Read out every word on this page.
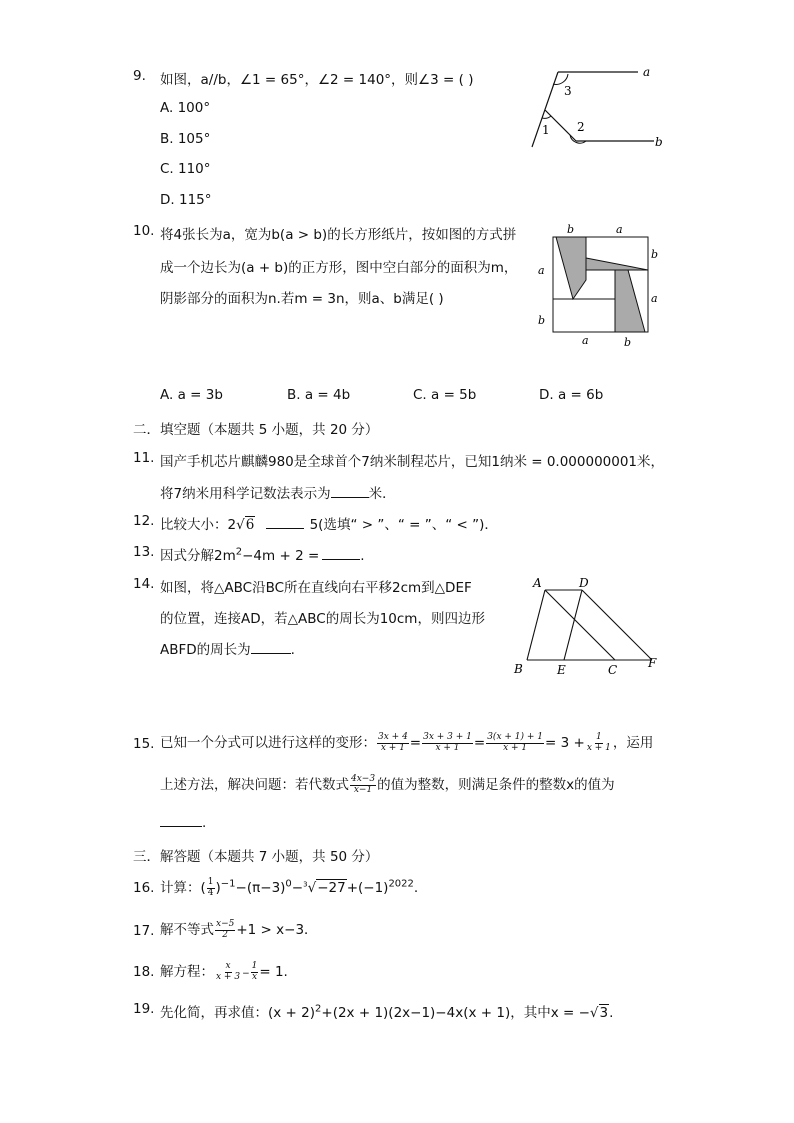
9. 如图，a//b，∠1 = 65°，∠2 = 140°，则∠3 = ( )
A. 100°
B. 105°
C. 110°
D. 115°
a
b
3
1 2
10. 将4张长为a，宽为b(a > b)的长方形纸片，按如图的方式拼
成一个边长为(a + b)的正方形，图中空白部分的面积为m，
阴影部分的面积为n.若m = 3n，则a、b满足( )
b	a
b
a
a
b
a	b
A. a = 3b	B. a = 4b	C. a = 5b	D. a = 6b
二．填空题（本题共 5 小题，共 20 分）
11. 国产手机芯片麒麟980是全球首个7纳米制程芯片，已知1纳米 = 0.000000001米，
将7纳米用科学记数法表示为	米．
12. 比较大小：2√6	5(选填“ > ”、“ = ”、“ < ”)．
13. 因式分解$2m^2-4m + 2$ =	.
14. 如图，将△ABC沿BC所在直线向右平移2cm到△DEF
的位置，连接AD，若△ABC的周长为10cm，则四边形
ABFD的周长为	.
A	D
B	E	C	F
15. 已知一个分式可以进行这样的变形： $\frac{3x + 4}{x + 1} = \frac{3x + 3 + 1}{x + 1} = \frac{3(x + 1) + 1}{x + 1} = 3 + \frac{1}{x + 1}$ ，运用
上述方法，解决问题：若代数式 $\frac{4x-3}{x-1}$ 的值为整数，则满足条件的整数x的值为
.
三．解答题（本题共 7 小题，共 50 分）
16. 计算：( $\frac{1}{4} )^{-1}-(\pi-3)^0-^3√-27+(-1)^{2022}$.
17. 解不等式 $\frac{x-5}{2} +1 > x-3$．
18. 解方程： $\frac{x}{x + 3} - \frac{1}{x} = 1$.
19. 先化简，再求值：$(x + 2)^2+(2x + 1)(2x-1)-4x(x + 1)$，其中x = −√3.
